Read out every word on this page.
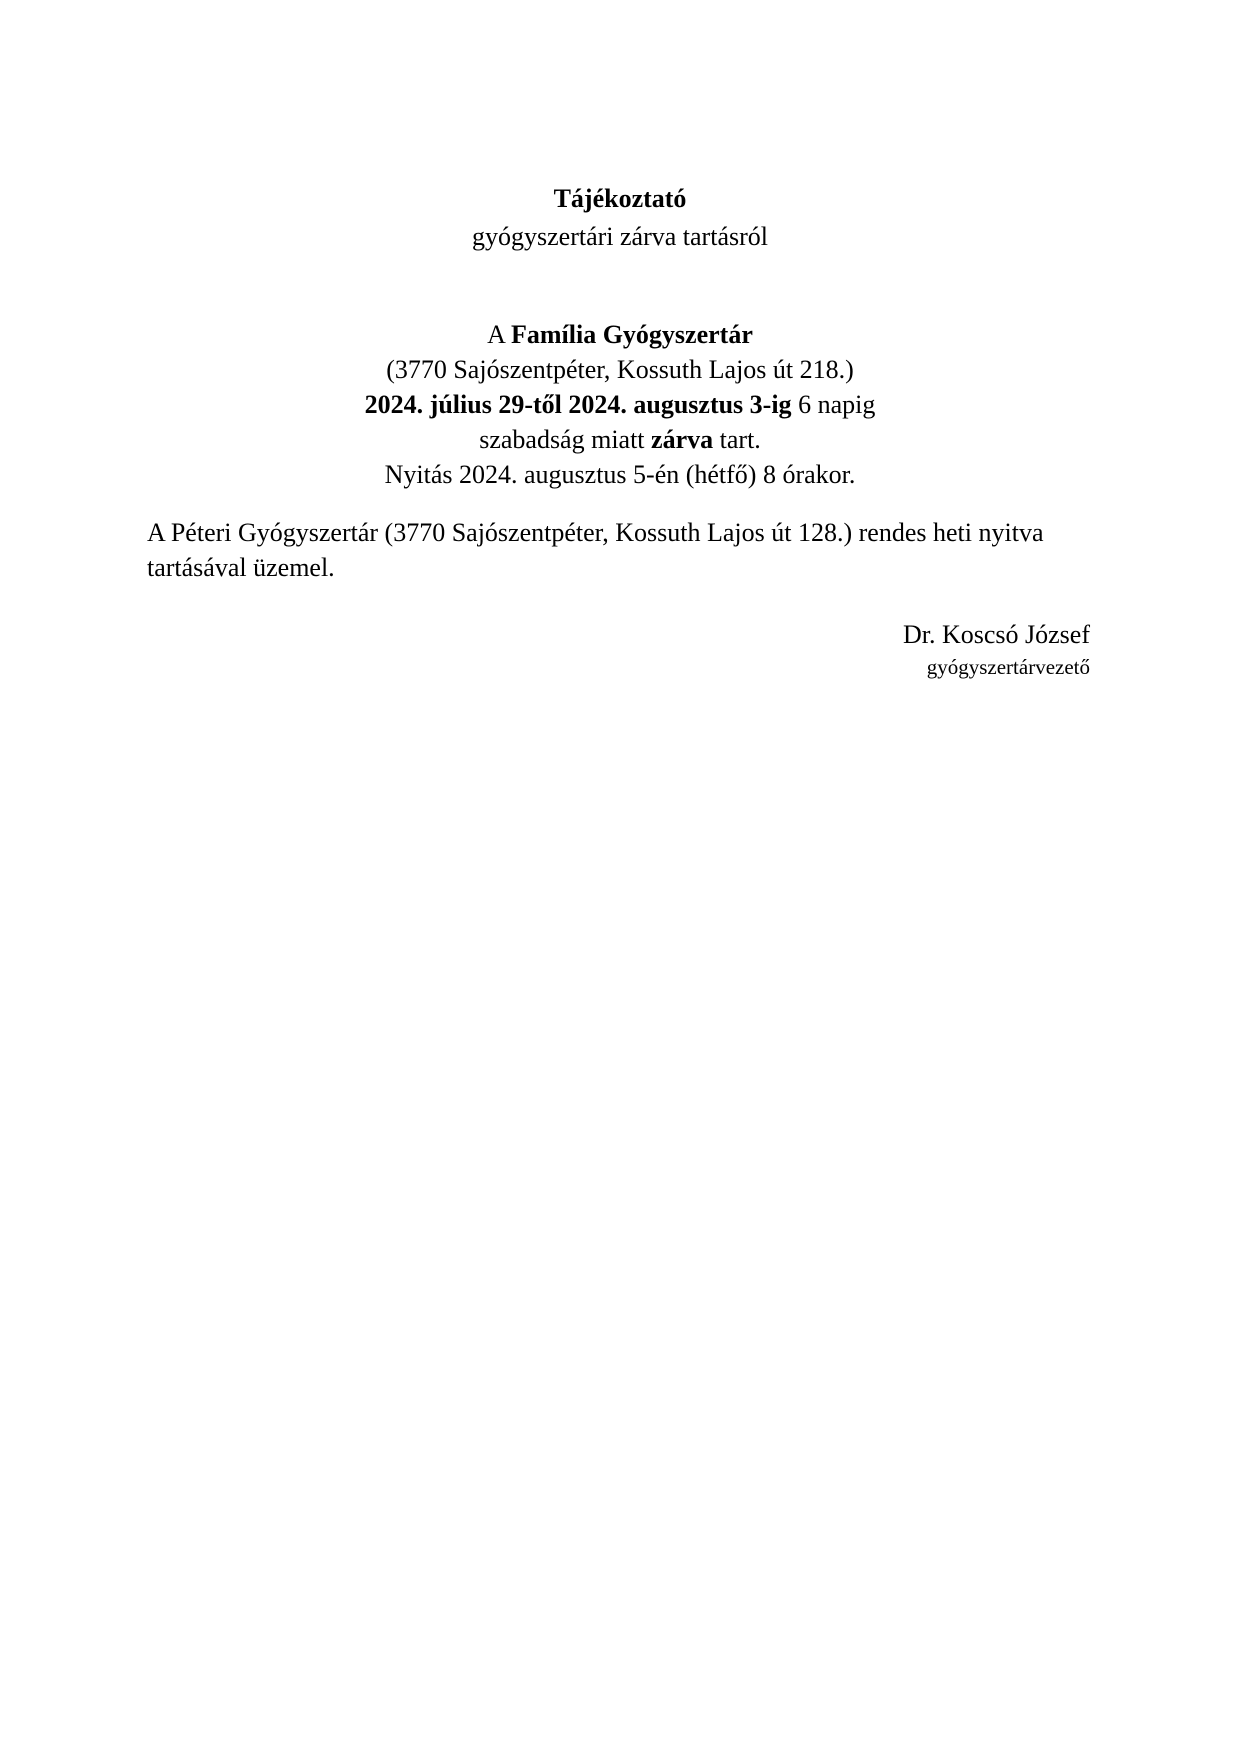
Tájékoztató
gyógyszertári zárva tartásról
A Família Gyógyszertár
(3770 Sajószentpéter, Kossuth Lajos út 218.)
2024. július 29-től 2024. augusztus 3-ig 6 napig
szabadság miatt zárva tart.
Nyitás 2024. augusztus 5-én (hétfő) 8 órakor.
A Péteri Gyógyszertár (3770 Sajószentpéter, Kossuth Lajos út 128.) rendes heti nyitva tartásával üzemel.
Dr. Koscsó József
gyógyszertárvezető
